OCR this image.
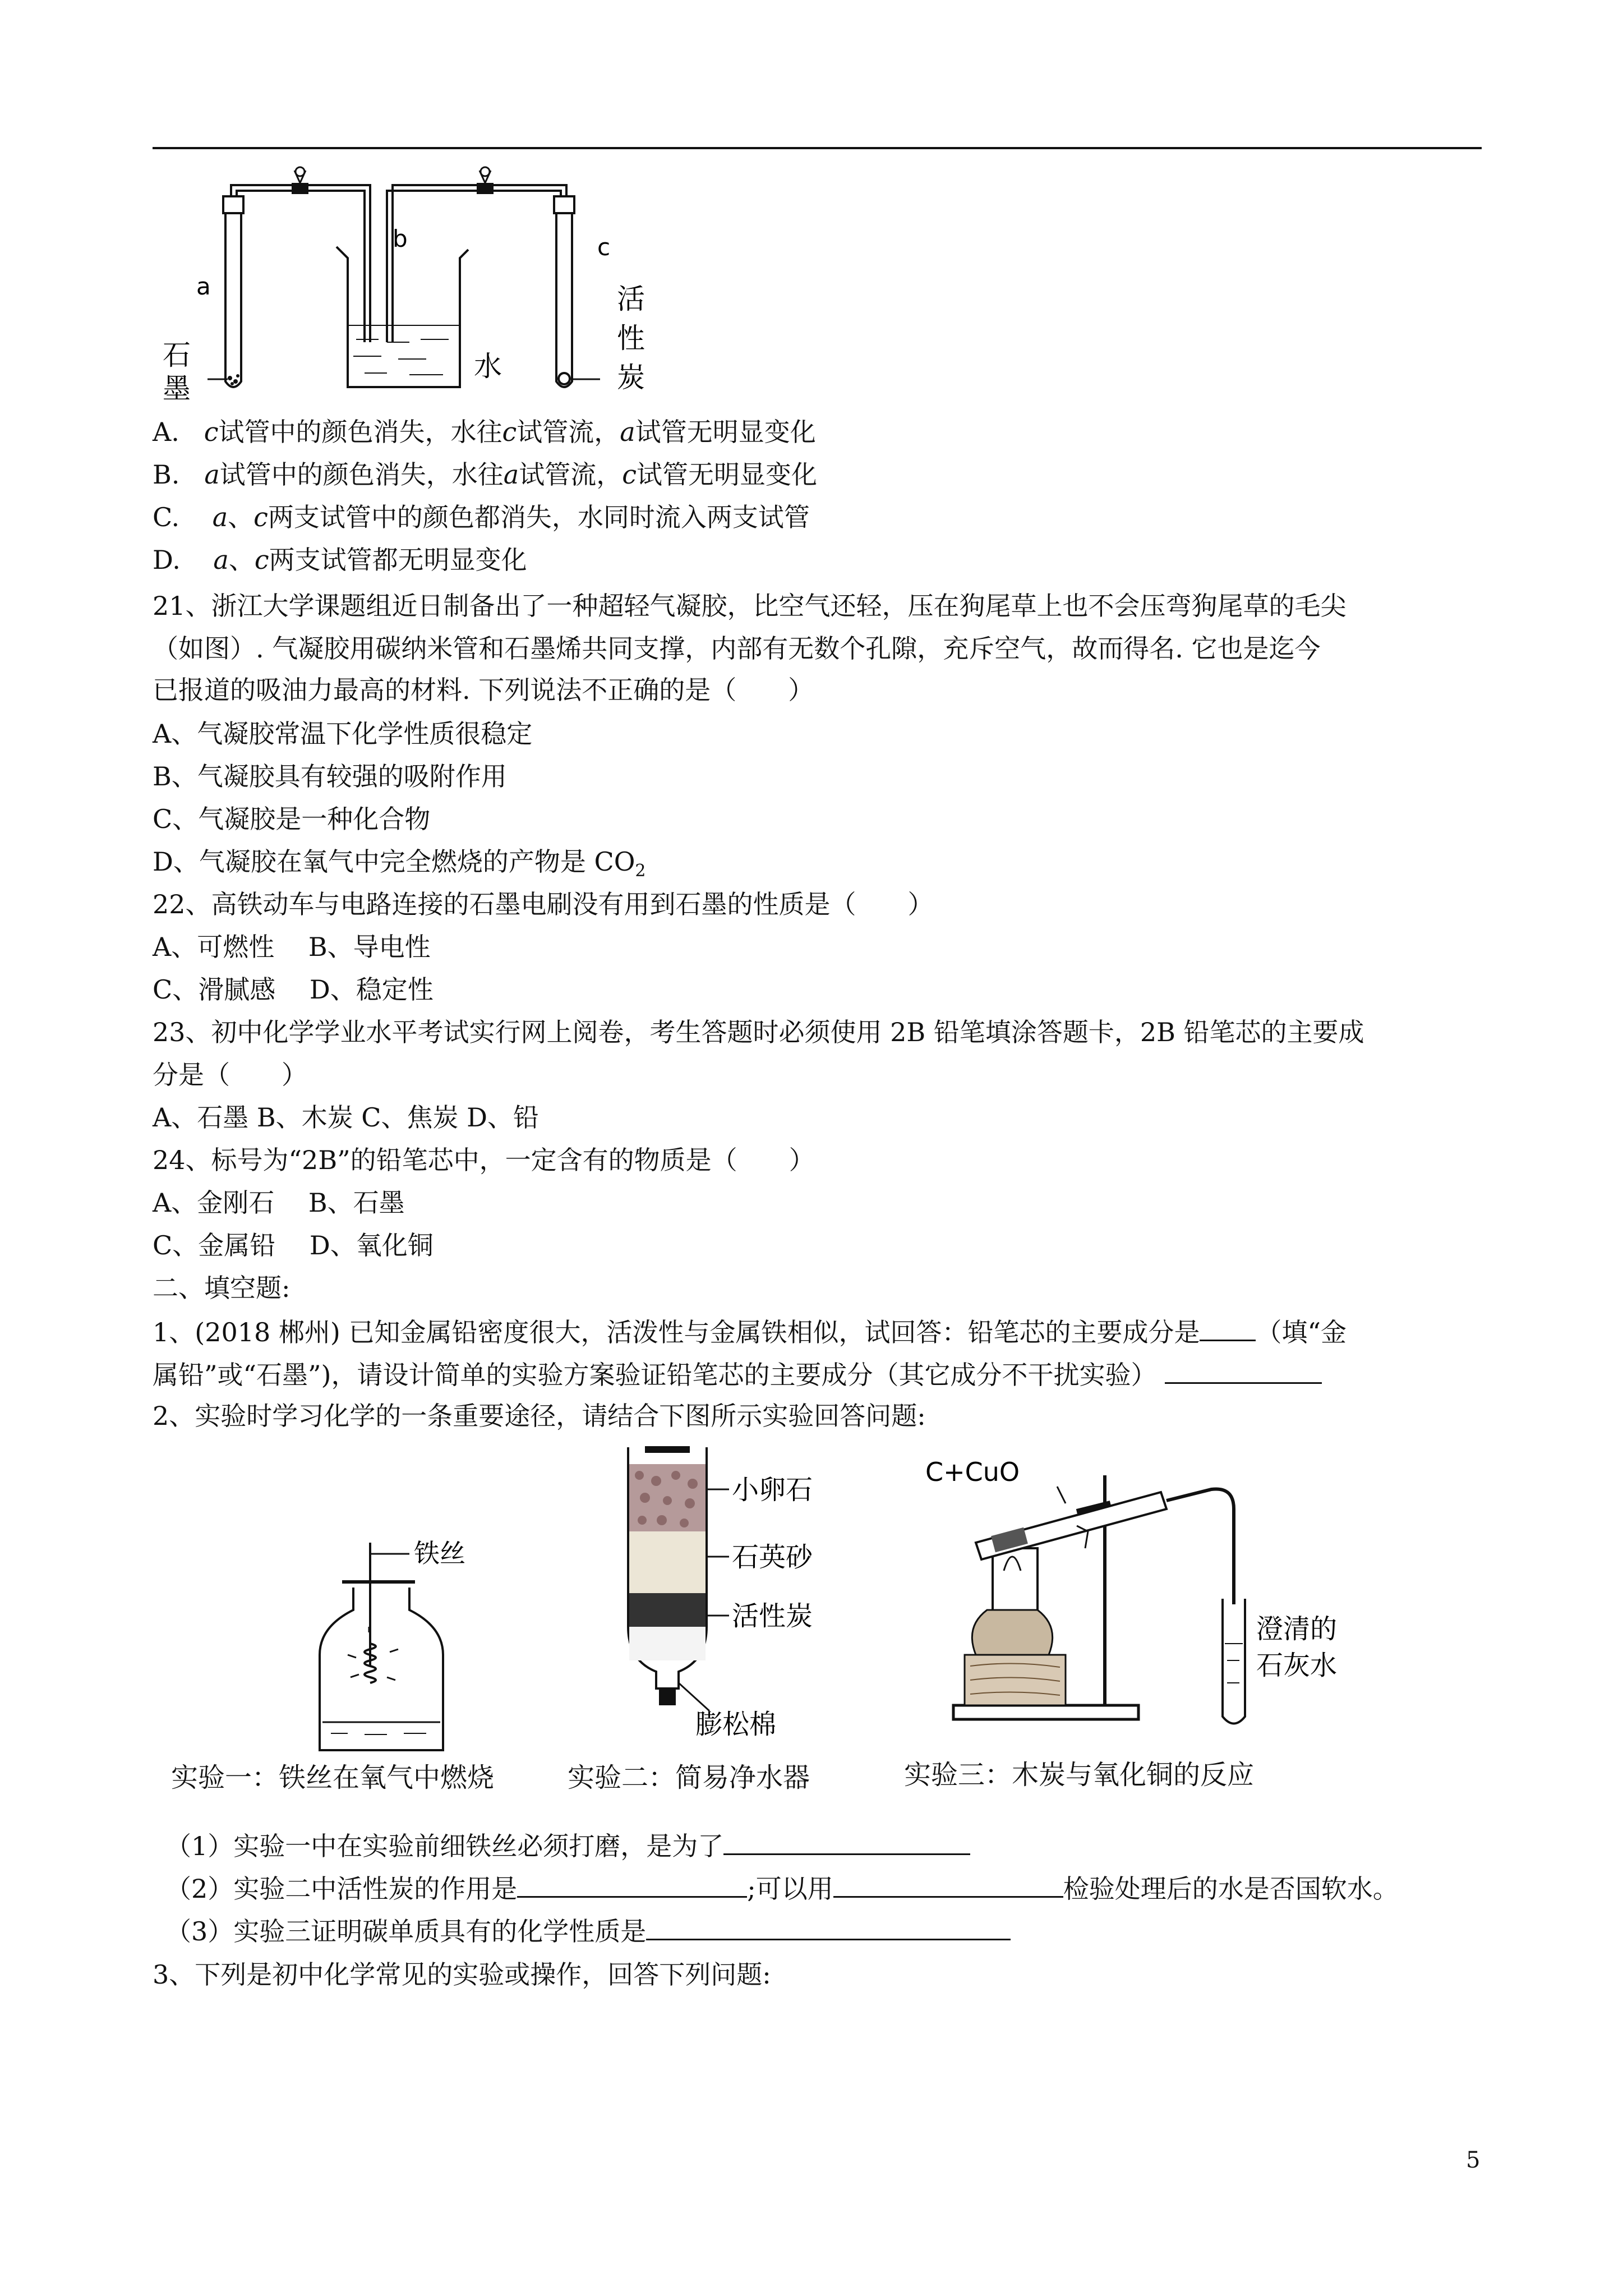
a
b	c
石
墨
水
活
性
炭
A. c试管中的颜色消失，水往c试管流，a试管无明显变化
B. a试管中的颜色消失，水往a试管流，c试管无明显变化
C. a、c两支试管中的颜色都消失，水同时流入两支试管
D. a、c两支试管都无明显变化
21、浙江大学课题组近日制备出了一种超轻气凝胶，比空气还轻，压在狗尾草上也不会压弯狗尾草的毛尖
（如图）. 气凝胶用碳纳米管和石墨烯共同支撑，内部有无数个孔隙，充斥空气，故而得名. 它也是迄今
已报道的吸油力最高的材料. 下列说法不正确的是（　　）
A、气凝胶常温下化学性质很稳定
B、气凝胶具有较强的吸附作用
C、气凝胶是一种化合物
D、气凝胶在氧气中完全燃烧的产物是 $CO_2$
22、高铁动车与电路连接的石墨电刷没有用到石墨的性质是（　　）
A、可燃性　 B、导电性
C、滑腻感　 D、稳定性
23、初中化学学业水平考试实行网上阅卷，考生答题时必须使用 2B 铅笔填涂答题卡，2B 铅笔芯的主要成
分是（　　）
A、石墨 B、木炭 C、焦炭 D、铅
24、标号为“2B”的铅笔芯中，一定含有的物质是（　　）
A、金刚石　 B、石墨
C、金属铅　 D、氧化铜
二、填空题:
1、(2018 郴州) 已知金属铅密度很大，活泼性与金属铁相似，试回答：铅笔芯的主要成分是 （填“金
属铅”或“石墨”)，请设计简单的实验方案验证铅笔芯的主要成分（其它成分不干扰实验）
2、实验时学习化学的一条重要途径，请结合下图所示实验回答问题:
铁丝
实验一：铁丝在氧气中燃烧
小卵石
石英砂
活性炭
膨松棉
实验二：简易净水器
C+CuO
澄清的
石灰水
实验三：木炭与氧化铜的反应
（1）实验一中在实验前细铁丝必须打磨，是为了
（2）实验二中活性炭的作用是	;可以用	检验处理后的水是否国软水。
（3）实验三证明碳单质具有的化学性质是
3、下列是初中化学常见的实验或操作，回答下列问题:
5
